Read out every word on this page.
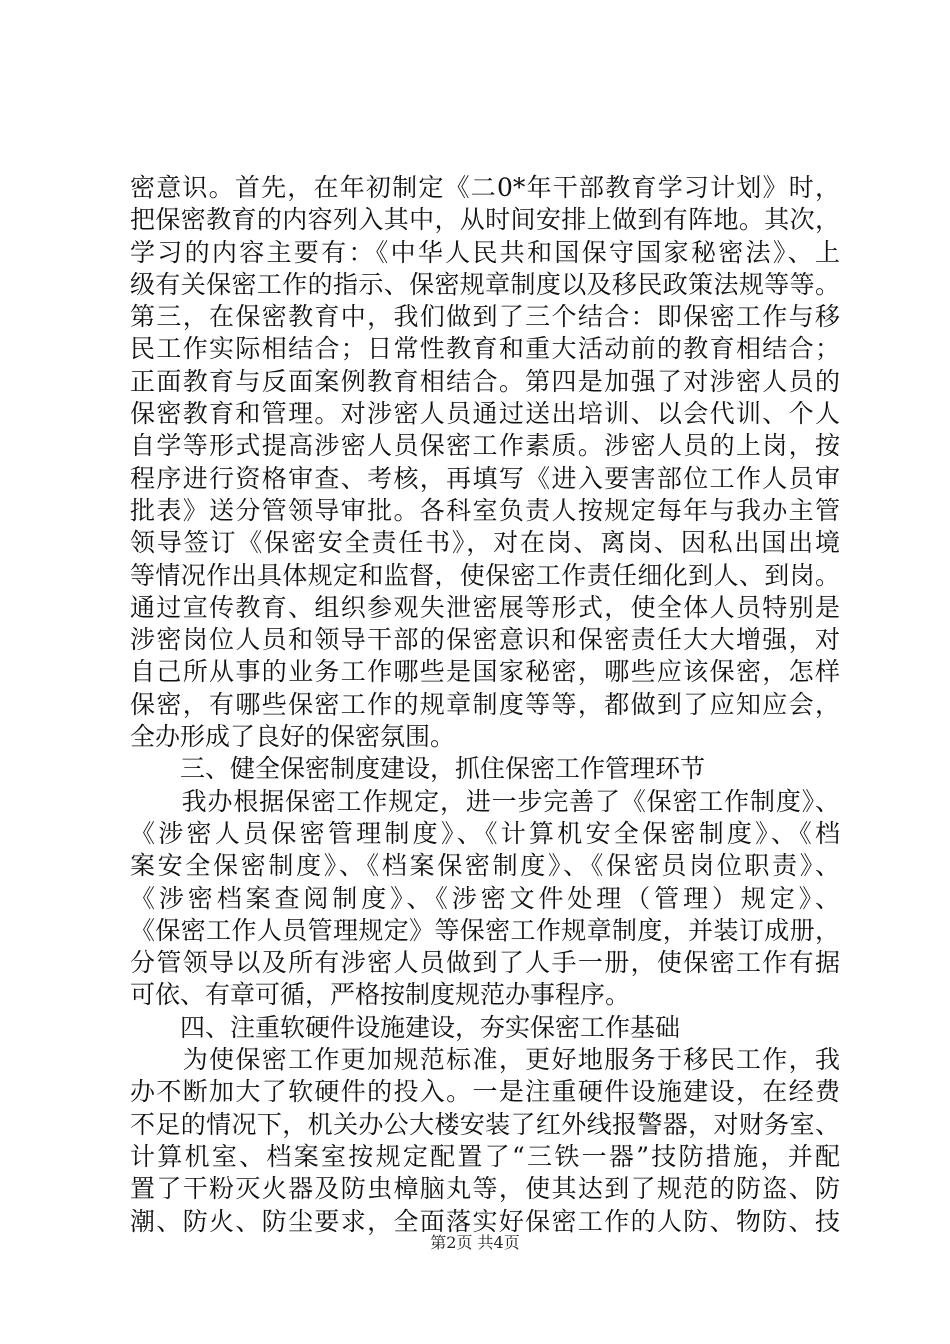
密意识。首先，在年初制定《二0*年干部教育学习计划》时，
把保密教育的内容列入其中，从时间安排上做到有阵地。其次，
学习的内容主要有：《中华人民共和国保守国家秘密法》、上
级有关保密工作的指示、保密规章制度以及移民政策法规等等。
第三，在保密教育中，我们做到了三个结合：即保密工作与移
民工作实际相结合；日常性教育和重大活动前的教育相结合；
正面教育与反面案例教育相结合。第四是加强了对涉密人员的
保密教育和管理。对涉密人员通过送出培训、以会代训、个人
自学等形式提高涉密人员保密工作素质。涉密人员的上岗，按
程序进行资格审查、考核，再填写《进入要害部位工作人员审
批表》送分管领导审批。各科室负责人按规定每年与我办主管
领导签订《保密安全责任书》，对在岗、离岗、因私出国出境
等情况作出具体规定和监督，使保密工作责任细化到人、到岗。
通过宣传教育、组织参观失泄密展等形式，使全体人员特别是
涉密岗位人员和领导干部的保密意识和保密责任大大增强，对
自己所从事的业务工作哪些是国家秘密，哪些应该保密，怎样
保密，有哪些保密工作的规章制度等等，都做到了应知应会，
全办形成了良好的保密氛围。
　　三、健全保密制度建设，抓住保密工作管理环节
　　我办根据保密工作规定，进一步完善了《保密工作制度》、
《涉密人员保密管理制度》、《计算机安全保密制度》、《档
案安全保密制度》、《档案保密制度》、《保密员岗位职责》、
《涉密档案查阅制度》、《涉密文件处理（管理）规定》、
《保密工作人员管理规定》等保密工作规章制度，并装订成册，
分管领导以及所有涉密人员做到了人手一册，使保密工作有据
可依、有章可循，严格按制度规范办事程序。
　　四、注重软硬件设施建设，夯实保密工作基础
　　为使保密工作更加规范标准，更好地服务于移民工作，我
办不断加大了软硬件的投入。一是注重硬件设施建设，在经费
不足的情况下，机关办公大楼安装了红外线报警器，对财务室、
计算机室、档案室按规定配置了“三铁一器”技防措施，并配
置了干粉灭火器及防虫樟脑丸等，使其达到了规范的防盗、防
潮、防火、防尘要求，全面落实好保密工作的人防、物防、技
第2页 共4页
